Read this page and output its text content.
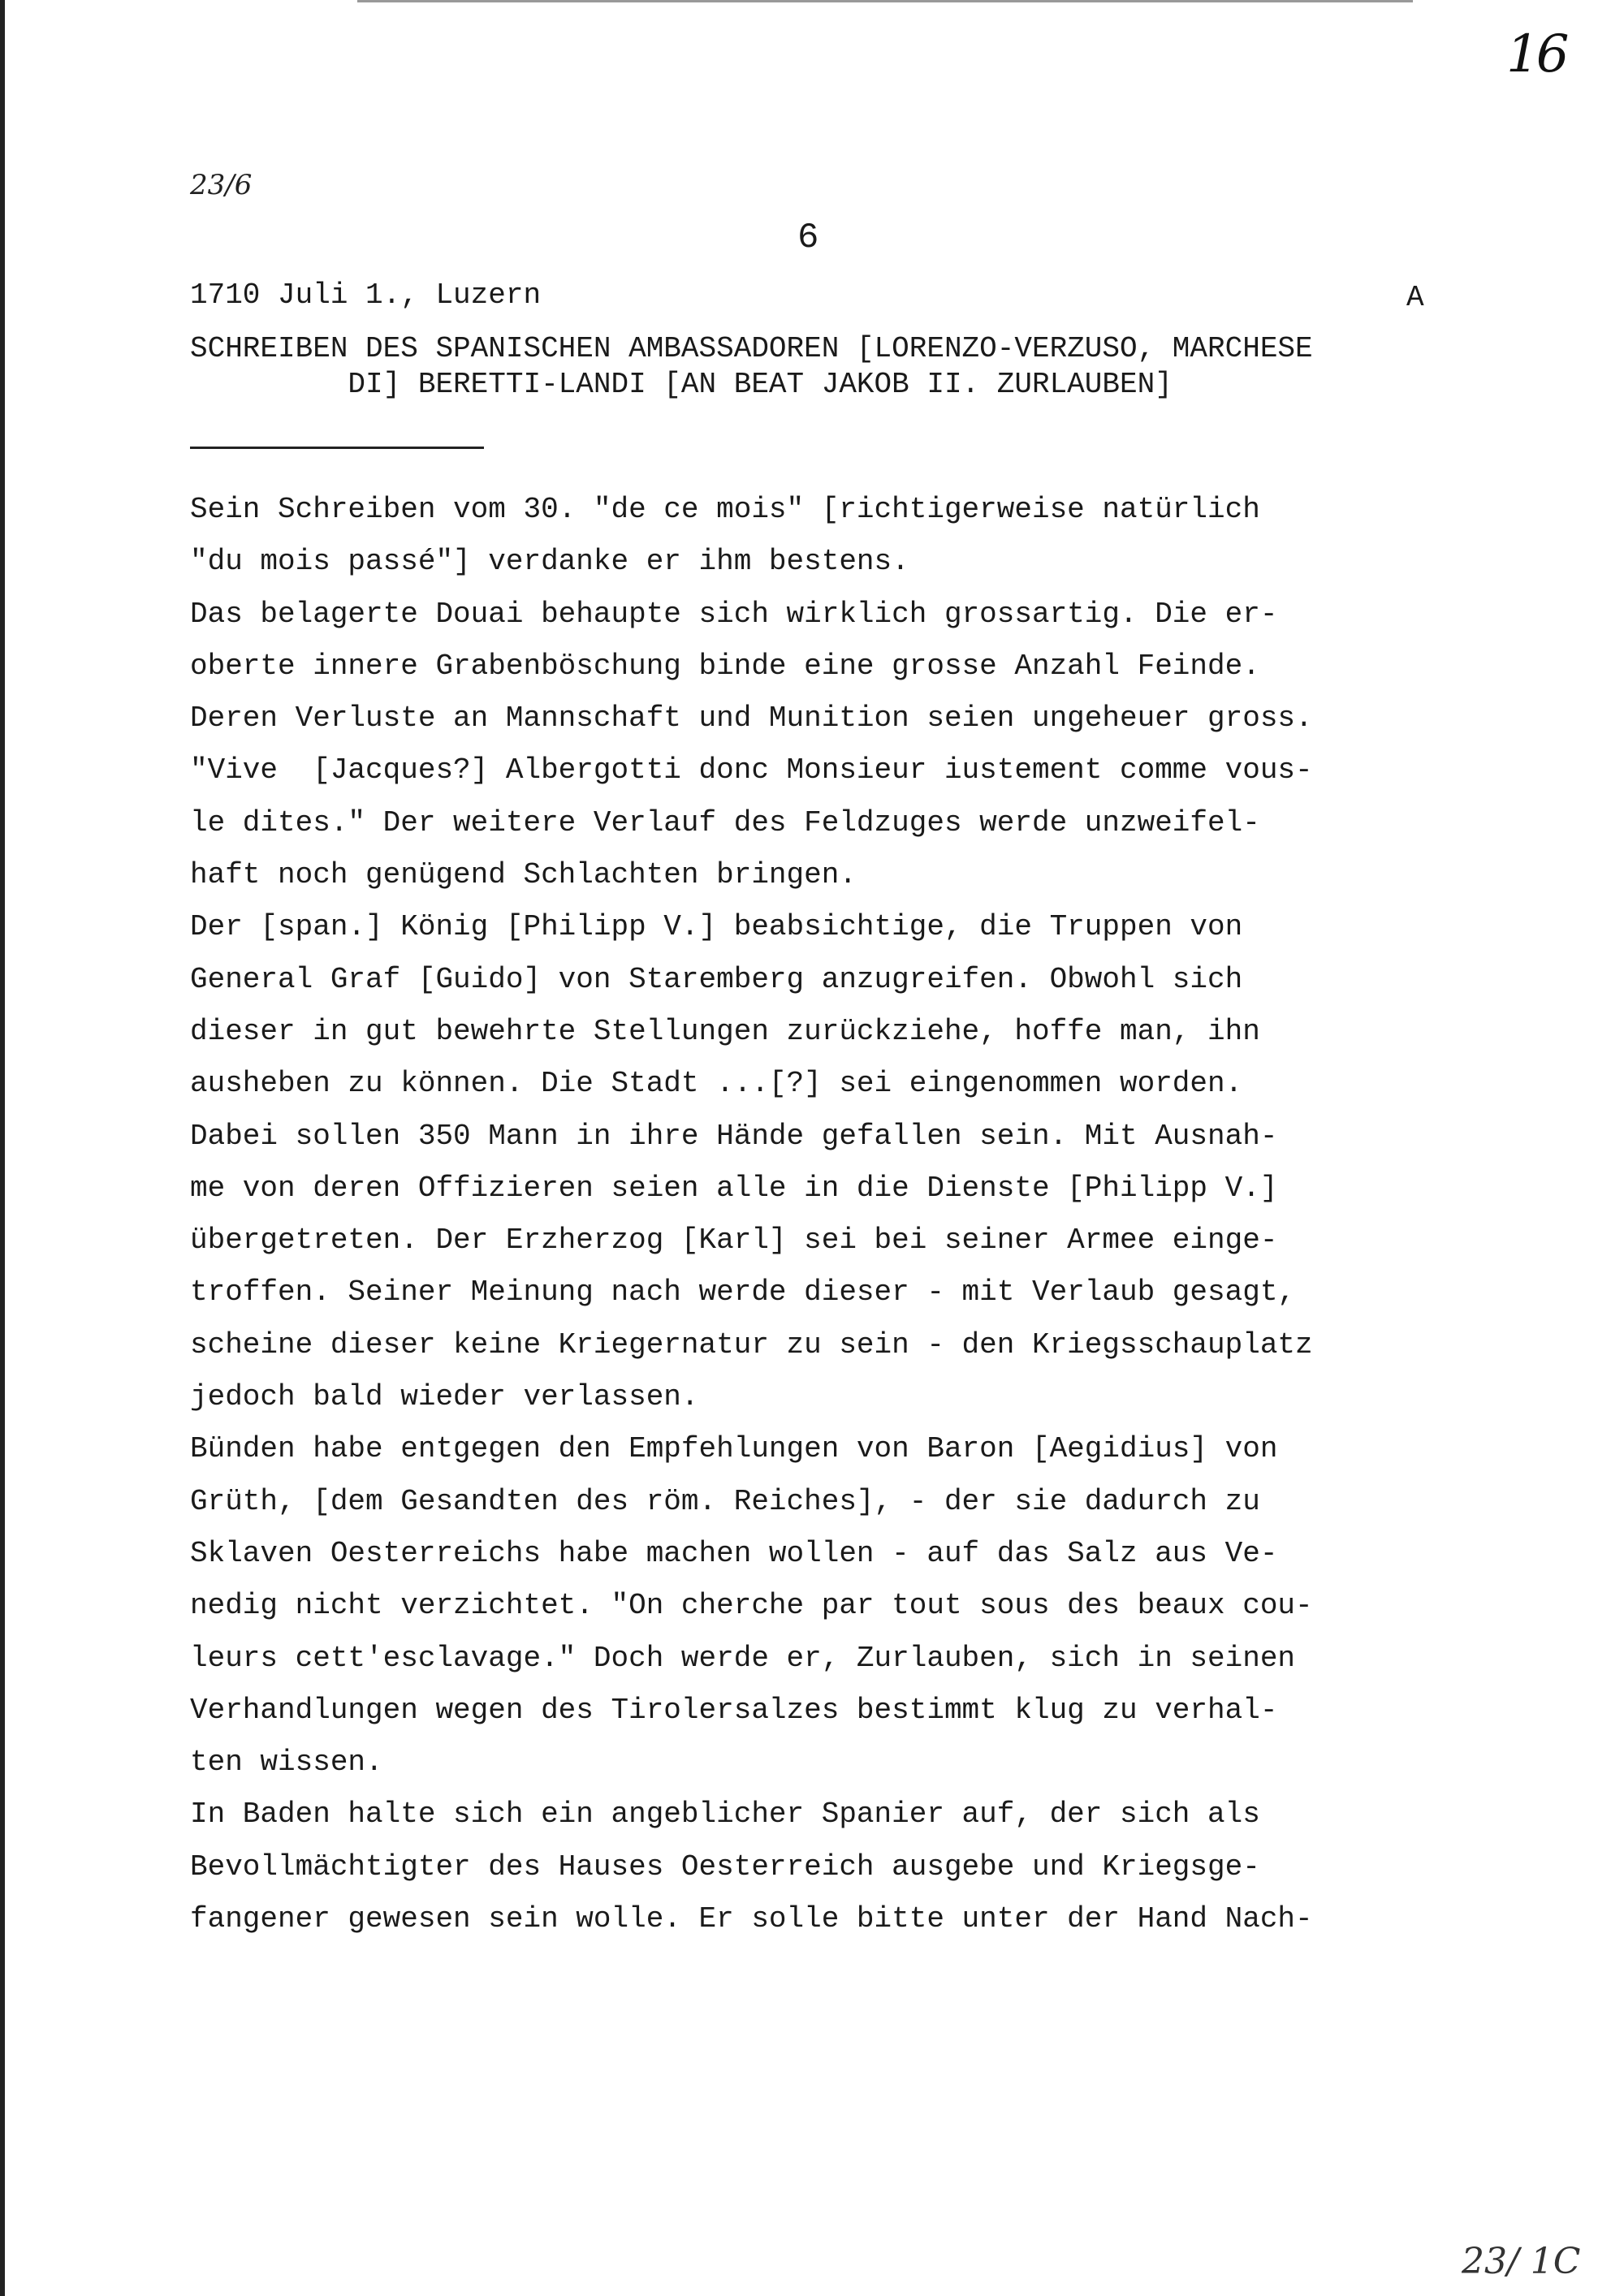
16
23/6
6
1710 Juli 1., Luzern	A
SCHREIBEN DES SPANISCHEN AMBASSADOREN [LORENZO-VERZUSO, MARCHESE
DI] BERETTI-LANDI [AN BEAT JAKOB II. ZURLAUBEN]

Sein Schreiben vom 30. "de ce mois" [richtigerweise natürlich

"du mois passé"] verdanke er ihm bestens.

Das belagerte Douai behaupte sich wirklich grossartig. Die er-

oberte innere Grabenböschung binde eine grosse Anzahl Feinde.

Deren Verluste an Mannschaft und Munition seien ungeheuer gross.

"Vive  [Jacques?] Albergotti donc Monsieur iustement comme vous-

le dites." Der weitere Verlauf des Feldzuges werde unzweifel-

haft noch genügend Schlachten bringen.

Der [span.] König [Philipp V.] beabsichtige, die Truppen von

General Graf [Guido] von Staremberg anzugreifen. Obwohl sich

dieser in gut bewehrte Stellungen zurückziehe, hoffe man, ihn

ausheben zu können. Die Stadt ...[?] sei eingenommen worden.

Dabei sollen 350 Mann in ihre Hände gefallen sein. Mit Ausnah-

me von deren Offizieren seien alle in die Dienste [Philipp V.]

übergetreten. Der Erzherzog [Karl] sei bei seiner Armee einge-

troffen. Seiner Meinung nach werde dieser - mit Verlaub gesagt,

scheine dieser keine Kriegernatur zu sein - den Kriegsschauplatz

jedoch bald wieder verlassen.

Bünden habe entgegen den Empfehlungen von Baron [Aegidius] von

Grüth, [dem Gesandten des röm. Reiches], - der sie dadurch zu

Sklaven Oesterreichs habe machen wollen - auf das Salz aus Ve-

nedig nicht verzichtet. "On cherche par tout sous des beaux cou-

leurs cett'esclavage." Doch werde er, Zurlauben, sich in seinen

Verhandlungen wegen des Tirolersalzes bestimmt klug zu verhal-

ten wissen.

In Baden halte sich ein angeblicher Spanier auf, der sich als

Bevollmächtigter des Hauses Oesterreich ausgebe und Kriegsge-

fangener gewesen sein wolle. Er solle bitte unter der Hand Nach-

23/ 1C
